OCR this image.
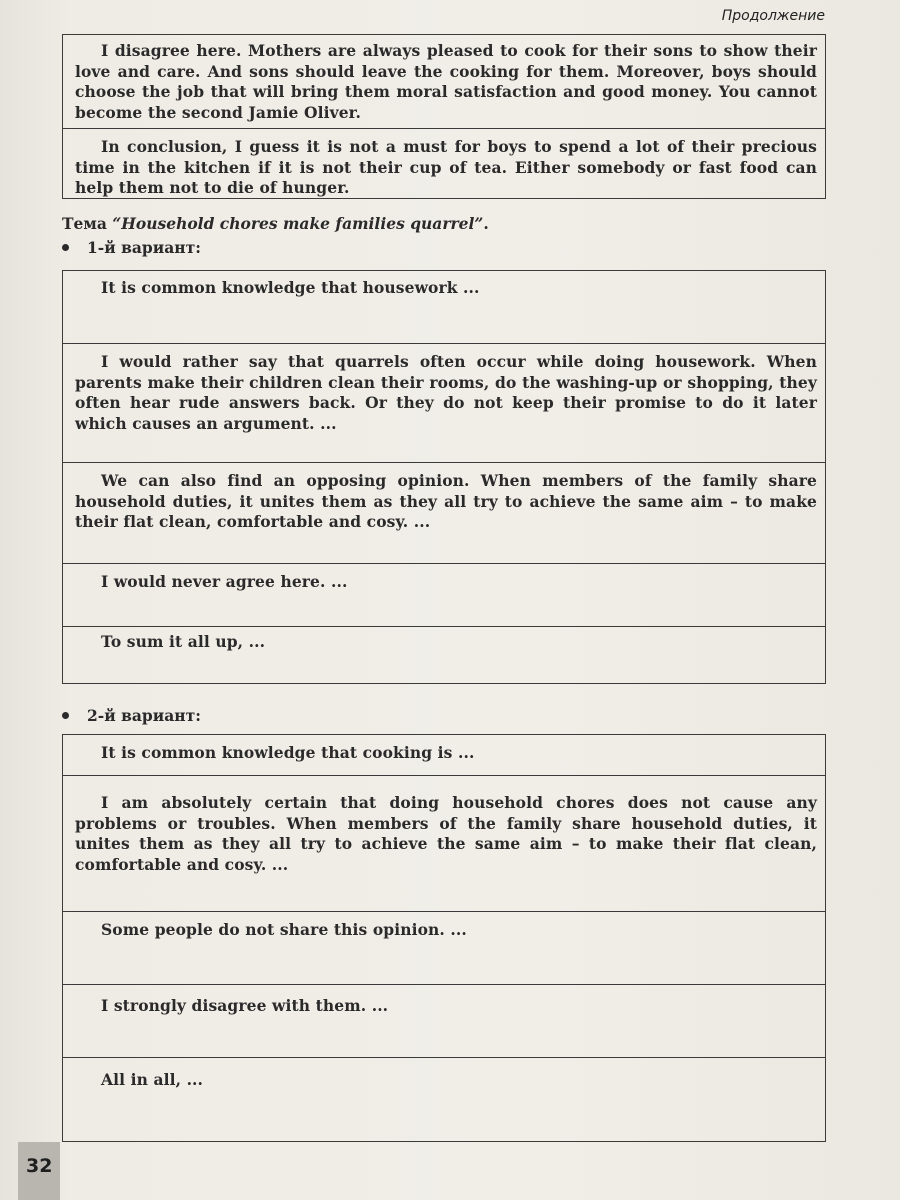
Продолжение

I disagree here. Mothers are always pleased to cook for their sons to show their love and care. And sons should leave the cooking for them. Moreover, boys should choose the job that will bring them moral satisfaction and good money. You cannot become the second Jamie Oliver.

In conclusion, I guess it is not a must for boys to spend a lot of their precious time in the kitchen if it is not their cup of tea. Either somebody or fast food can help them not to die of hunger.

Тема “Household chores make families quarrel”.
1-й вариант:

It is common knowledge that housework ...

I would rather say that quarrels often occur while doing housework. When parents make their children clean their rooms, do the washing-up or shopping, they often hear rude answers back. Or they do not keep their promise to do it later which causes an argument. ...

We can also find an opposing opinion. When members of the family share household duties, it unites them as they all try to achieve the same aim – to make their flat clean, comfortable and cosy. ...

I would never agree here. ...

To sum it all up, ...

2-й вариант:

It is common knowledge that cooking is ...

I am absolutely certain that doing household chores does not cause any problems or troubles. When members of the family share household duties, it unites them as they all try to achieve the same aim – to make their flat clean, comfortable and cosy. ...

Some people do not share this opinion. ...

I strongly disagree with them. ...

All in all, ...

32
